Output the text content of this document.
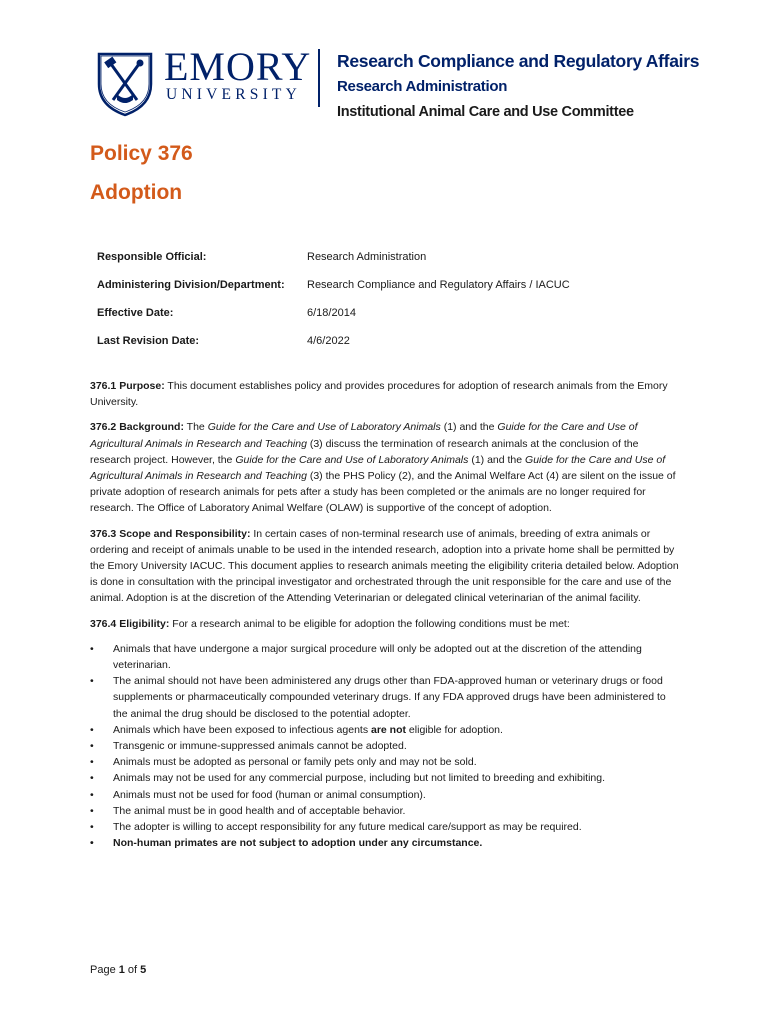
EMORY
UNIVERSITY
Research Compliance and Regulatory Affairs
Research Administration
Institutional Animal Care and Use Committee
Policy 376
Adoption
Responsible Official:	Research Administration
Administering Division/Department: Research Compliance and Regulatory Affairs / IACUC
Effective Date:	6/18/2014
Last Revision Date:	4/6/2022

376.1 Purpose: This document establishes policy and provides procedures for adoption of research animals from the Emory University.

376.2 Background: The Guide for the Care and Use of Laboratory Animals (1) and the Guide for the Care and Use of Agricultural Animals in Research and Teaching (3) discuss the termination of research animals at the conclusion of the research project. However, the Guide for the Care and Use of Laboratory Animals (1) and the Guide for the Care and Use of Agricultural Animals in Research and Teaching (3) the PHS Policy (2), and the Animal Welfare Act (4) are silent on the issue of private adoption of research animals for pets after a study has been completed or the animals are no longer required for research. The Office of Laboratory Animal Welfare (OLAW) is supportive of the concept of adoption.

376.3 Scope and Responsibility: In certain cases of non-terminal research use of animals, breeding of extra animals or ordering and receipt of animals unable to be used in the intended research, adoption into a private home shall be permitted by the Emory University IACUC. This document applies to research animals meeting the eligibility criteria detailed below. Adoption is done in consultation with the principal investigator and orchestrated through the unit responsible for the care and use of the animal. Adoption is at the discretion of the Attending Veterinarian or delegated clinical veterinarian of the animal facility.

376.4 Eligibility: For a research animal to be eligible for adoption the following conditions must be met:

• Animals that have undergone a major surgical procedure will only be adopted out at the discretion of the attending veterinarian.
• The animal should not have been administered any drugs other than FDA-approved human or veterinary drugs or food supplements or pharmaceutically compounded veterinary drugs. If any FDA approved drugs have been administered to the animal the drug should be disclosed to the potential adopter.
• Animals which have been exposed to infectious agents are not eligible for adoption.
• Transgenic or immune-suppressed animals cannot be adopted.
• Animals must be adopted as personal or family pets only and may not be sold.
• Animals may not be used for any commercial purpose, including but not limited to breeding and exhibiting.
• Animals must not be used for food (human or animal consumption).
• The animal must be in good health and of acceptable behavior.
• The adopter is willing to accept responsibility for any future medical care/support as may be required.
• Non-human primates are not subject to adoption under any circumstance.
Page 1 of 5
